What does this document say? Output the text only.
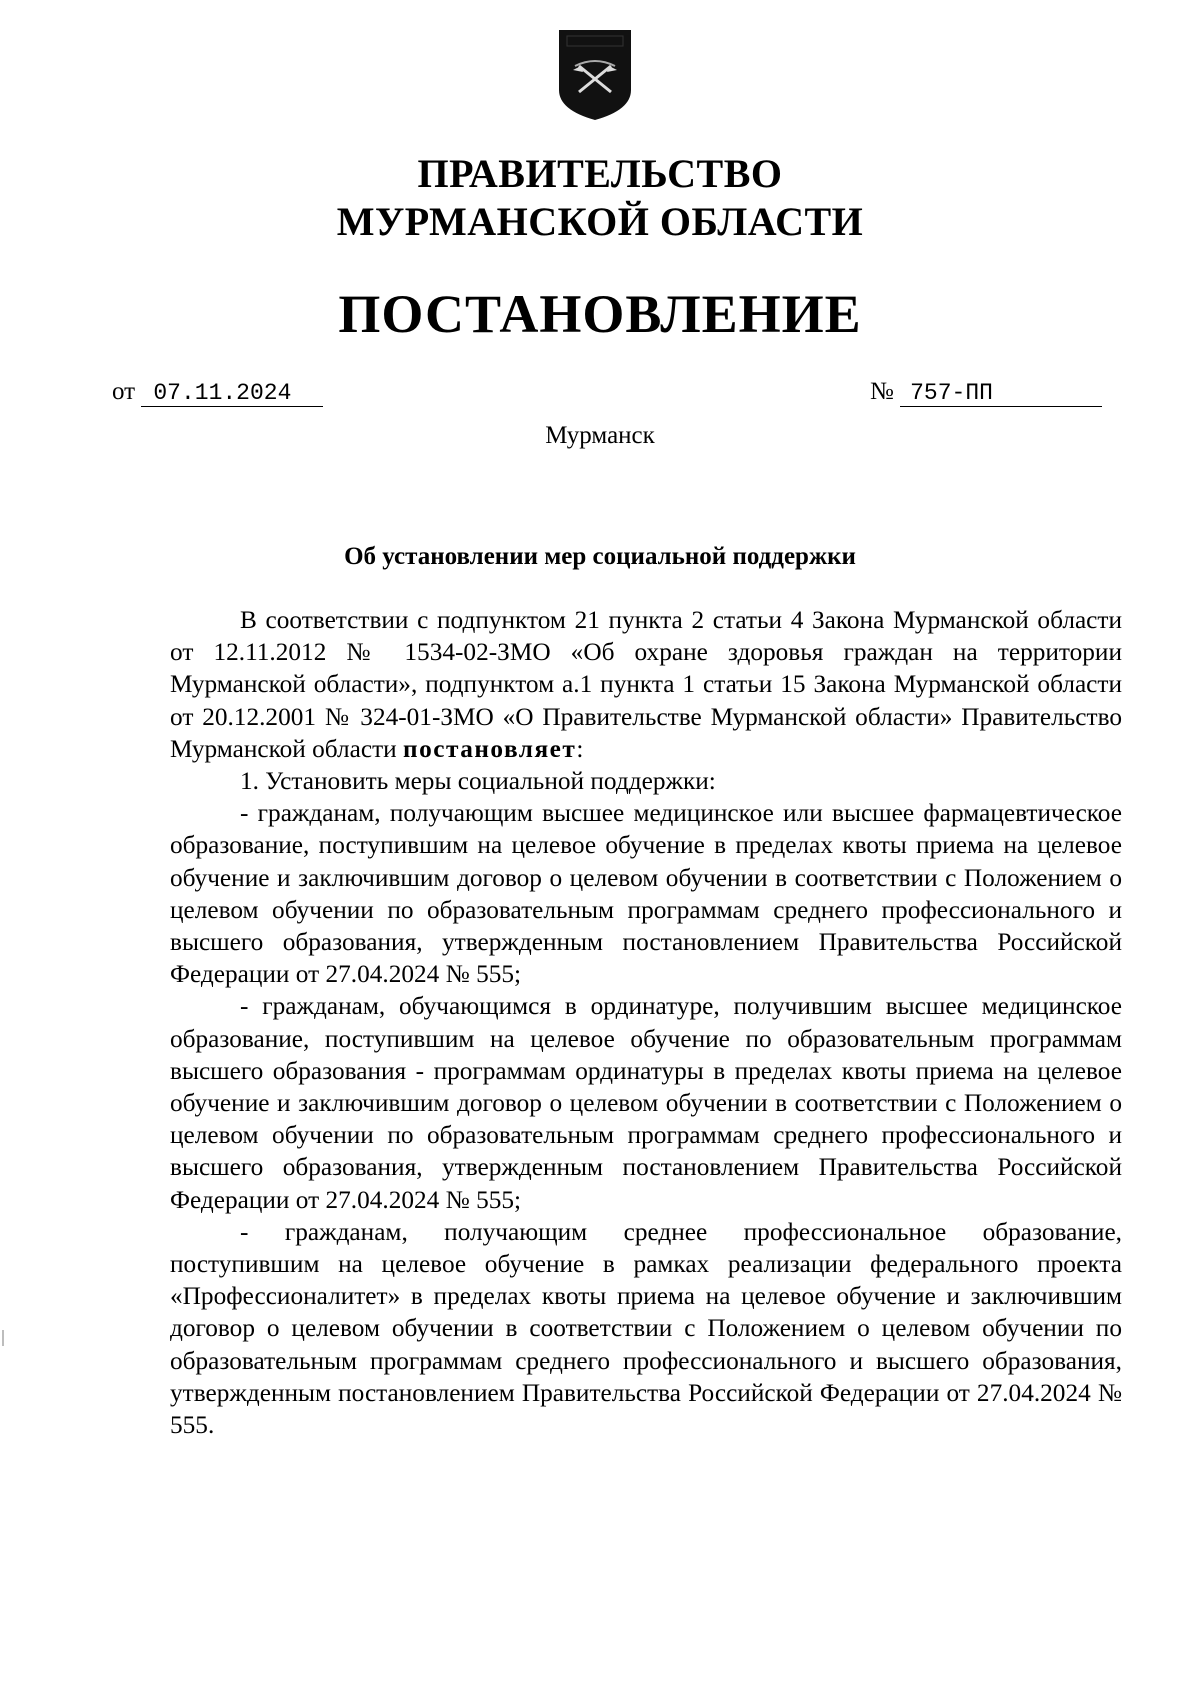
ПРАВИТЕЛЬСТВО
МУРМАНСКОЙ ОБЛАСТИ
ПОСТАНОВЛЕНИЕ
от 07.11.2024	№ 757-ПП
Мурманск
Об установлении мер социальной поддержки

В соответствии с подпунктом 21 пункта 2 статьи 4 Закона Мурманской области от 12.11.2012 № 1534-02-ЗМО «Об охране здоровья граждан на территории Мурманской области», подпунктом а.1 пункта 1 статьи 15 Закона Мурманской области от 20.12.2001 № 324-01-ЗМО «О Правительстве Мурманской области» Правительство Мурманской области постановляет:

1. Установить меры социальной поддержки:

- гражданам, получающим высшее медицинское или высшее фармацевтическое образование, поступившим на целевое обучение в пределах квоты приема на целевое обучение и заключившим договор о целевом обучении в соответствии с Положением о целевом обучении по образовательным программам среднего профессионального и высшего образования, утвержденным постановлением Правительства Российской Федерации от 27.04.2024 № 555;

- гражданам, обучающимся в ординатуре, получившим высшее медицинское образование, поступившим на целевое обучение по образовательным программам высшего образования - программам ординатуры в пределах квоты приема на целевое обучение и заключившим договор о целевом обучении в соответствии с Положением о целевом обучении по образовательным программам среднего профессионального и высшего образования, утвержденным постановлением Правительства Российской Федерации от 27.04.2024 № 555;

- гражданам, получающим среднее профессиональное образование, поступившим на целевое обучение в рамках реализации федерального проекта «Профессионалитет» в пределах квоты приема на целевое обучение и заключившим договор о целевом обучении в соответствии с Положением о целевом обучении по образовательным программам среднего профессионального и высшего образования, утвержденным постановлением Правительства Российской Федерации от 27.04.2024 № 555.
